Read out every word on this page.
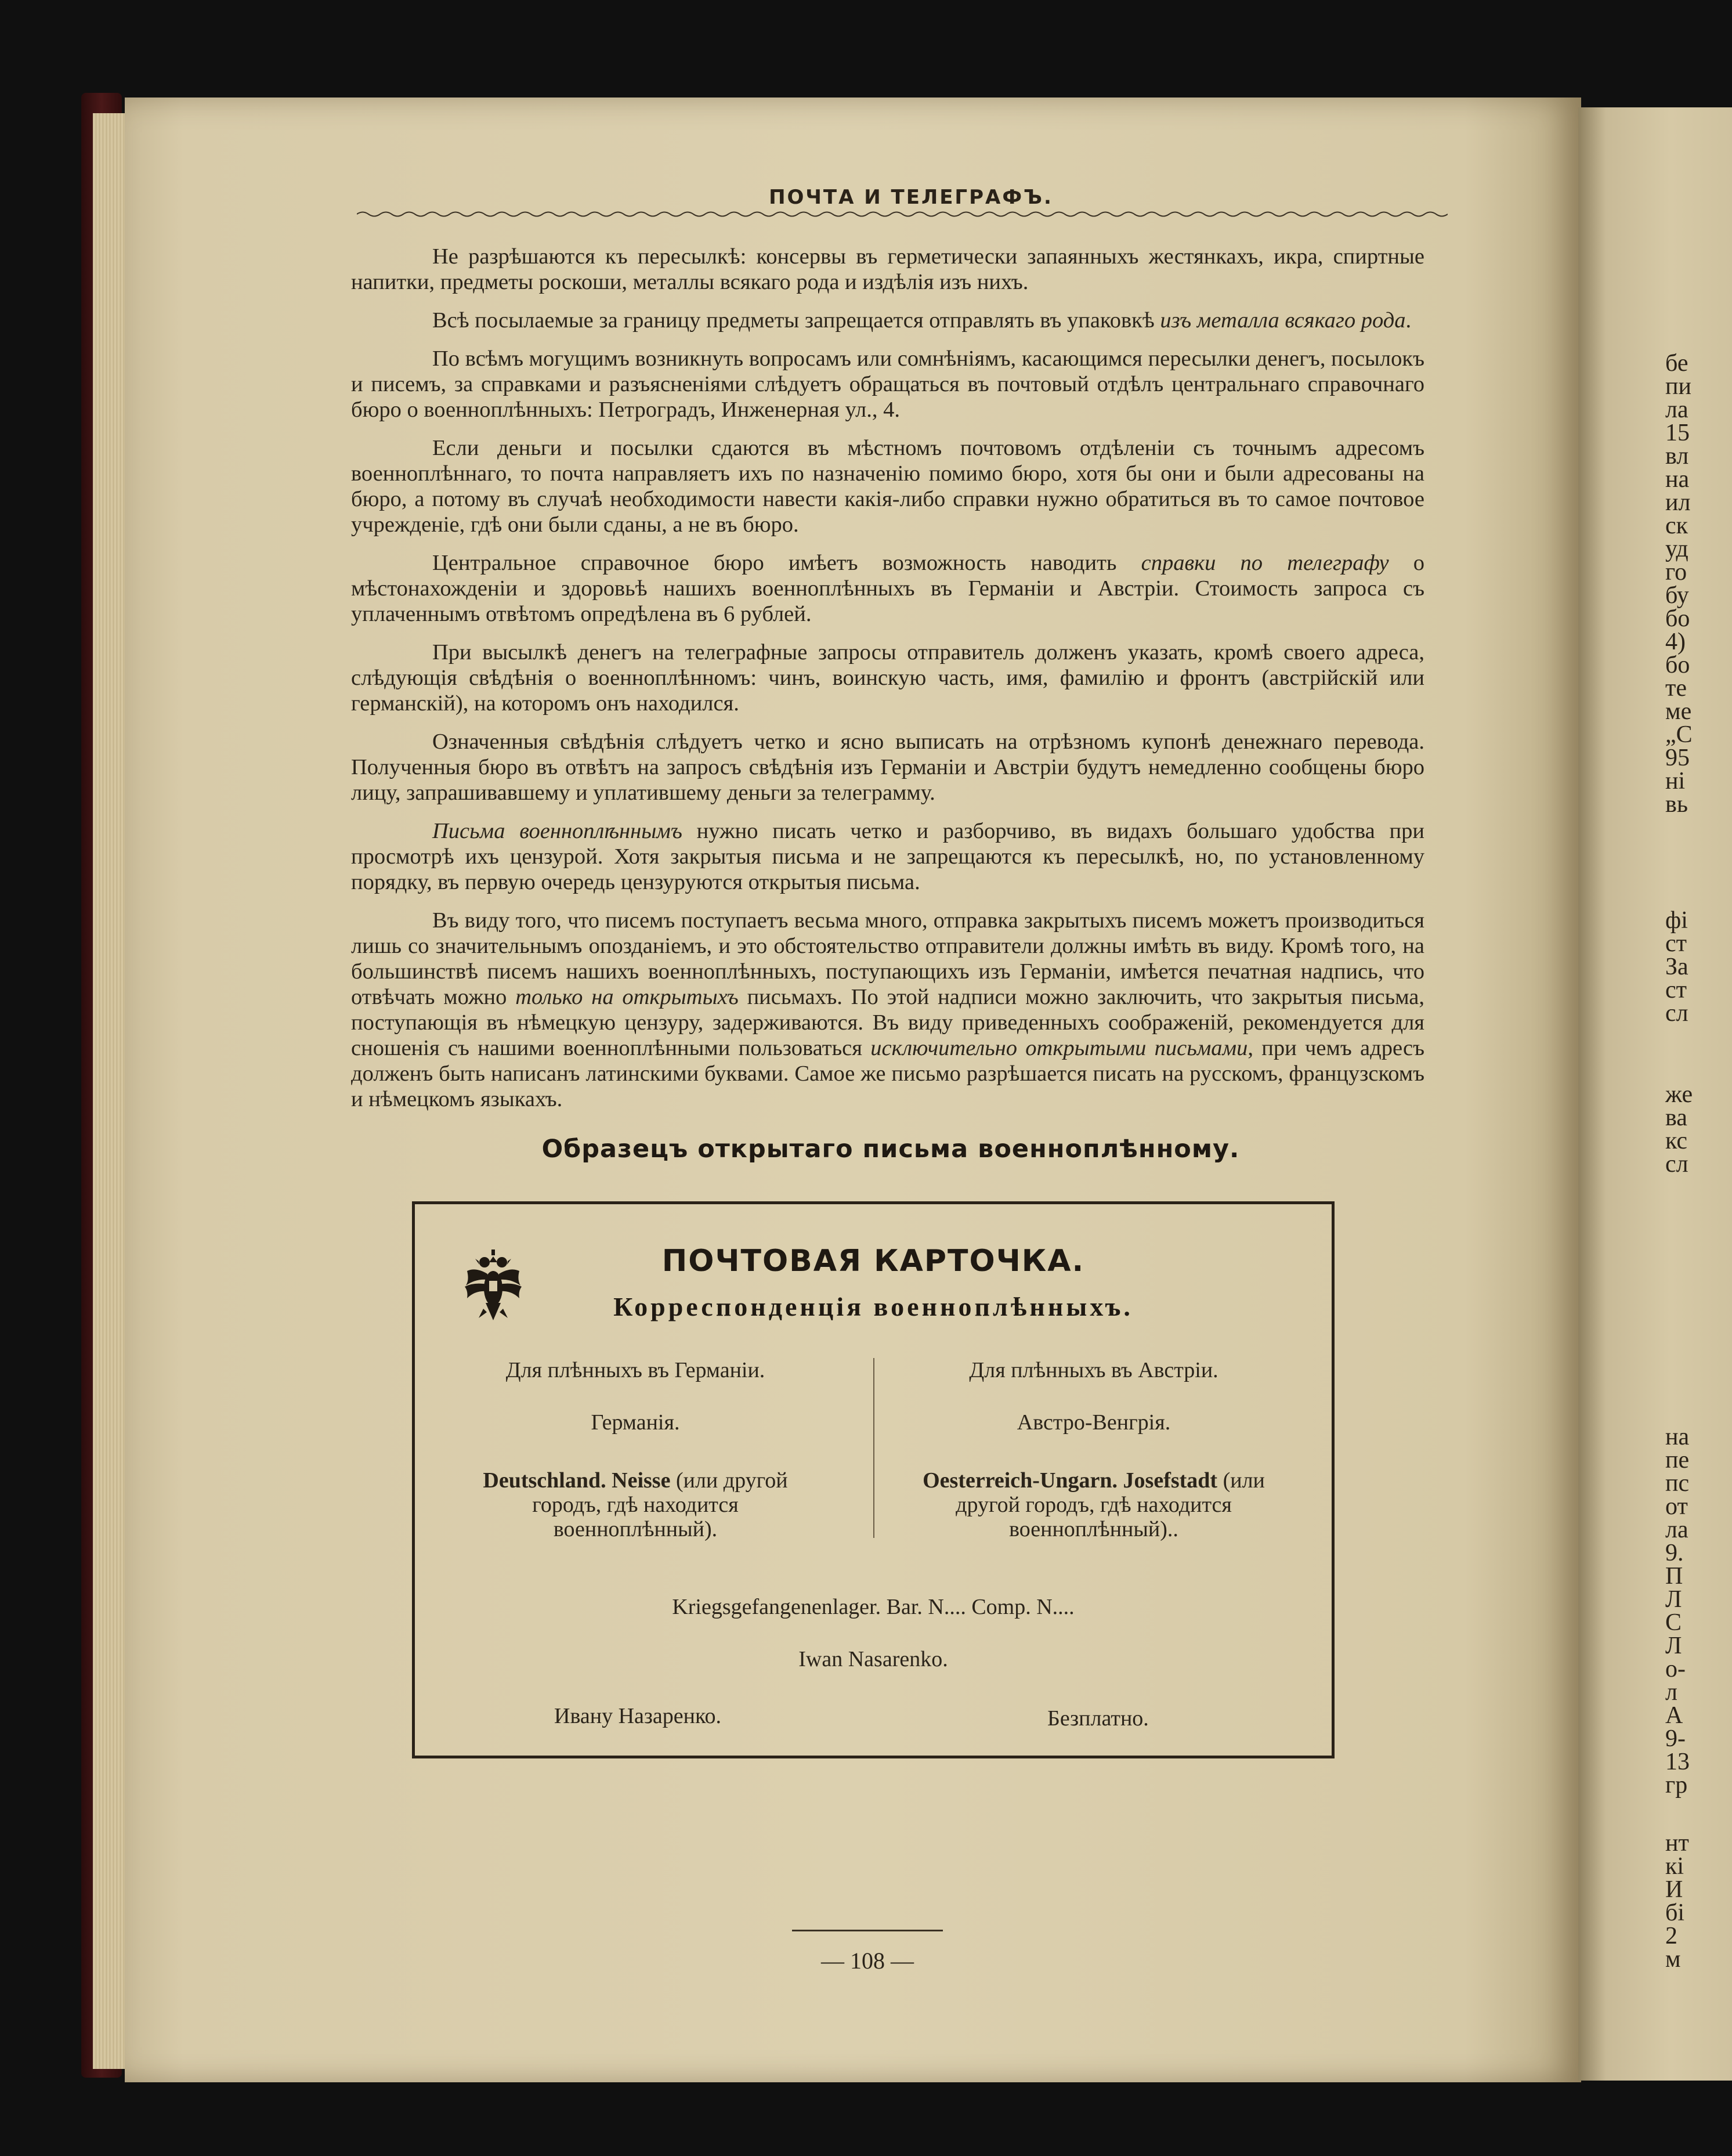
бе
пи
ла
15
вл
на
ил
ск
уд
го
бу
бо
4)
бо
те
ме
„С
95
ні
вь
фі
ст
За
ст
сл
же
ва
кс
сл
на
пе
пс
от
ла
9.
П
Л
С
Л
о-
л
А
9-
13
гр
нт
кі
И
бі
2
м
ПОЧТА И ТЕЛЕГРАФЪ.

Не разрѣшаются къ пересылкѣ: консервы въ герметически запаянныхъ жестянкахъ, икра, спиртные напитки, предметы роскоши, металлы всякаго рода и издѣлія изъ нихъ.

Всѣ посылаемые за границу предметы запрещается отправлять въ упаковкѣ изъ металла всякаго рода.

По всѣмъ могущимъ возникнуть вопросамъ или сомнѣніямъ, касающимся пересылки денегъ, посылокъ и писемъ, за справками и разъясненіями слѣдуетъ обращаться въ почтовый отдѣлъ центральнаго справочнаго бюро о военноплѣнныхъ: Петроградъ, Инженерная ул., 4.

Если деньги и посылки сдаются въ мѣстномъ почтовомъ отдѣленіи съ точнымъ адресомъ военноплѣннаго, то почта направляетъ ихъ по назначенію помимо бюро, хотя бы они и были адресованы на бюро, а потому въ случаѣ необходимости навести какія-либо справки нужно обратиться въ то самое почтовое учрежденіе, гдѣ они были сданы, а не въ бюро.

Центральное справочное бюро имѣетъ возможность наводить справки по телеграфу о мѣстонахожденіи и здоровьѣ нашихъ военноплѣнныхъ въ Германіи и Австріи. Стоимость запроса съ уплаченнымъ отвѣтомъ опредѣлена въ 6 рублей.

При высылкѣ денегъ на телеграфные запросы отправитель долженъ указать, кромѣ своего адреса, слѣдующія свѣдѣнія о военноплѣнномъ: чинъ, воинскую часть, имя, фамилію и фронтъ (австрійскій или германскій), на которомъ онъ находился.

Означенныя свѣдѣнія слѣдуетъ четко и ясно выписать на отрѣзномъ купонѣ денежнаго перевода. Полученныя бюро въ отвѣтъ на запросъ свѣдѣнія изъ Германіи и Австріи будутъ немедленно сообщены бюро лицу, запрашивавшему и уплатившему деньги за телеграмму.

Письма военноплѣннымъ нужно писать четко и разборчиво, въ видахъ большаго удобства при просмотрѣ ихъ цензурой. Хотя закрытыя письма и не запрещаются къ пересылкѣ, но, по установленному порядку, въ первую очередь цензуруются открытыя письма.

Въ виду того, что писемъ поступаетъ весьма много, отправка закрытыхъ писемъ можетъ производиться лишь со значительнымъ опозданіемъ, и это обстоятельство отправители должны имѣть въ виду. Кромѣ того, на большинствѣ писемъ нашихъ военноплѣнныхъ, поступающихъ изъ Германіи, имѣется печатная надпись, что отвѣчать можно только на открытыхъ письмахъ. По этой надписи можно заключить, что закрытыя письма, поступающія въ нѣмецкую цензуру, задерживаются. Въ виду приведенныхъ соображеній, рекомендуется для сношенія съ нашими военноплѣнными пользоваться исключительно открытыми письмами, при чемъ адресъ долженъ быть написанъ латинскими буквами. Самое же письмо разрѣшается писать на русскомъ, французскомъ и нѣмецкомъ языкахъ.

Образецъ открытаго письма военноплѣнному.
ПОЧТОВАЯ КАРТОЧКА.
Корреспонденція военноплѣнныхъ.
Для плѣнныхъ въ Германіи.
Германія.
Deutschland. Neisse (или другой городъ, гдѣ находится военноплѣнный).
Для плѣнныхъ въ Австріи.
Австро-Венгрія.
Oesterreich-Ungarn. Josefstadt (или другой городъ, гдѣ находится военноплѣнный)..
Kriegsgefangenenlager. Bar. N.... Comp. N....
Iwan Nasarenko.
Ивану Назаренко.	Безплатно.
— 108 —
